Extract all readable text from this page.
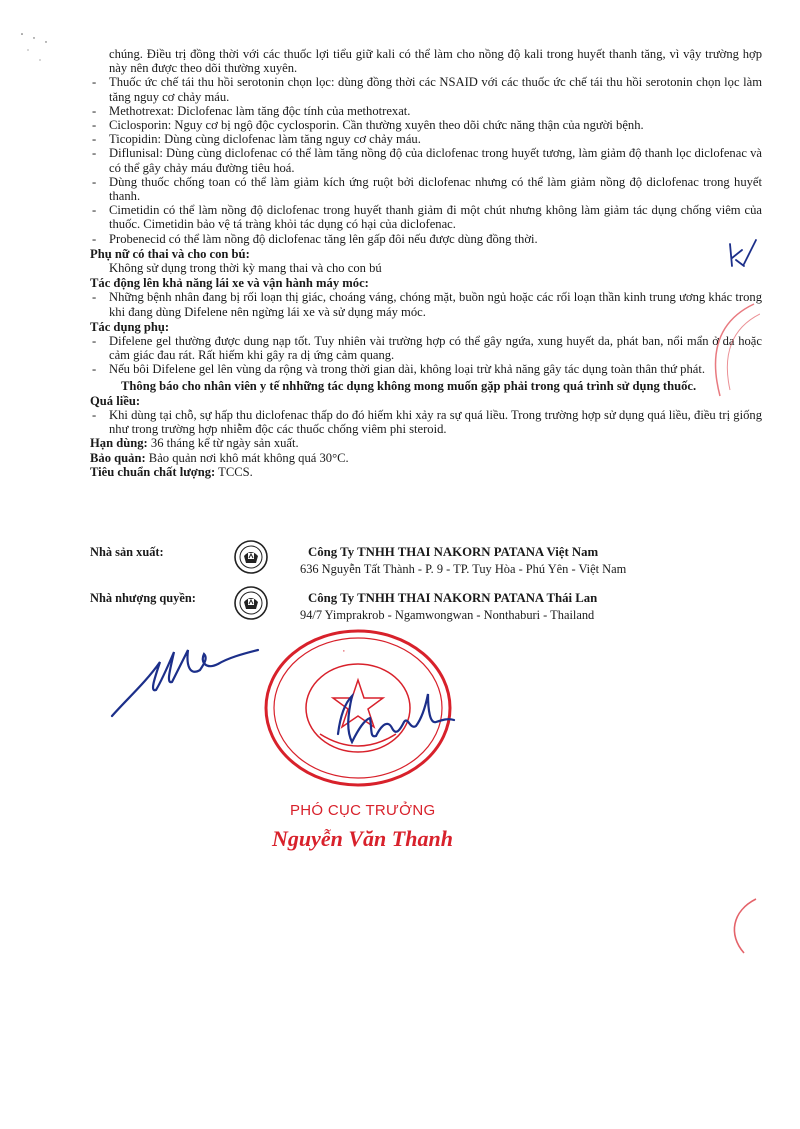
chúng. Điều trị đồng thời với các thuốc lợi tiểu giữ kali có thể làm cho nồng độ kali trong huyết thanh tăng, vì vậy trường hợp này nên được theo dõi thường xuyên.
-	Thuốc ức chế tái thu hồi serotonin chọn lọc: dùng đồng thời các NSAID với các thuốc ức chế tái thu hồi serotonin chọn lọc làm tăng nguy cơ chảy máu.
-	Methotrexat: Diclofenac làm tăng độc tính của methotrexat.
-	Ciclosporin: Nguy cơ bị ngộ độc cyclosporin. Cần thường xuyên theo dõi chức năng thận của người bệnh.
-	Ticopidin: Dùng cùng diclofenac làm tăng nguy cơ chảy máu.
-	Diflunisal: Dùng cùng diclofenac có thể làm tăng nồng độ của diclofenac trong huyết tương, làm giảm độ thanh lọc diclofenac và có thể gây chảy máu đường tiêu hoá.
-	Dùng thuốc chống toan có thể làm giảm kích ứng ruột bởi diclofenac nhưng có thể làm giảm nồng độ diclofenac trong huyết thanh.
-	Cimetidin có thể làm nồng độ diclofenac trong huyết thanh giảm đi một chút nhưng không làm giảm tác dụng chống viêm của thuốc. Cimetidin bảo vệ tá tràng khỏi tác dụng có hại của diclofenac.
-	Probenecid có thể làm nồng độ diclofenac tăng lên gấp đôi nếu được dùng đồng thời.
Phụ nữ có thai và cho con bú:
Không sử dụng trong thời kỳ mang thai và cho con bú
Tác động lên khả năng lái xe và vận hành máy móc:
-	Những bệnh nhân đang bị rối loạn thị giác, choáng váng, chóng mặt, buồn ngủ hoặc các rối loạn thần kinh trung ương khác trong khi đang dùng Difelene nên ngừng lái xe và sử dụng máy móc.
Tác dụng phụ:
-	Difelene gel thường được dung nạp tốt. Tuy nhiên vài trường hợp có thể gây ngứa, xung huyết da, phát ban, nổi mẩn ở da hoặc cảm giác đau rát. Rất hiếm khi gây ra dị ứng cảm quang.
-	Nếu bôi Difelene gel lên vùng da rộng và trong thời gian dài, không loại trừ khả năng gây tác dụng toàn thân thứ phát.
Thông báo cho nhân viên y tế nhhững tác dụng không mong muốn gặp phải trong quá trình sử dụng thuốc.
Quá liều:
-	Khi dùng tại chỗ, sự hấp thu diclofenac thấp do đó hiếm khi xảy ra sự quá liều. Trong trường hợp sử dụng quá liều, điều trị giống như trong trường hợp nhiễm độc các thuốc chống viêm phi steroid.
Hạn dùng: 36 tháng kể từ ngày sản xuất.
Bảo quản: Bảo quản nơi khô mát không quá 30°C.
Tiêu chuẩn chất lượng: TCCS.
Nhà sản xuất:	Công Ty TNHH THAI NAKORN PATANA Việt Nam
636 Nguyễn Tất Thành - P. 9 - TP. Tuy Hòa - Phú Yên - Việt Nam
Nhà nhượng quyền:	Công Ty TNHH THAI NAKORN PATANA Thái Lan
94/7 Yimprakrob - Ngamwongwan - Nonthaburi - Thailand
·
PHÓ CỤC TRƯỞNG
Nguyễn Văn Thanh
